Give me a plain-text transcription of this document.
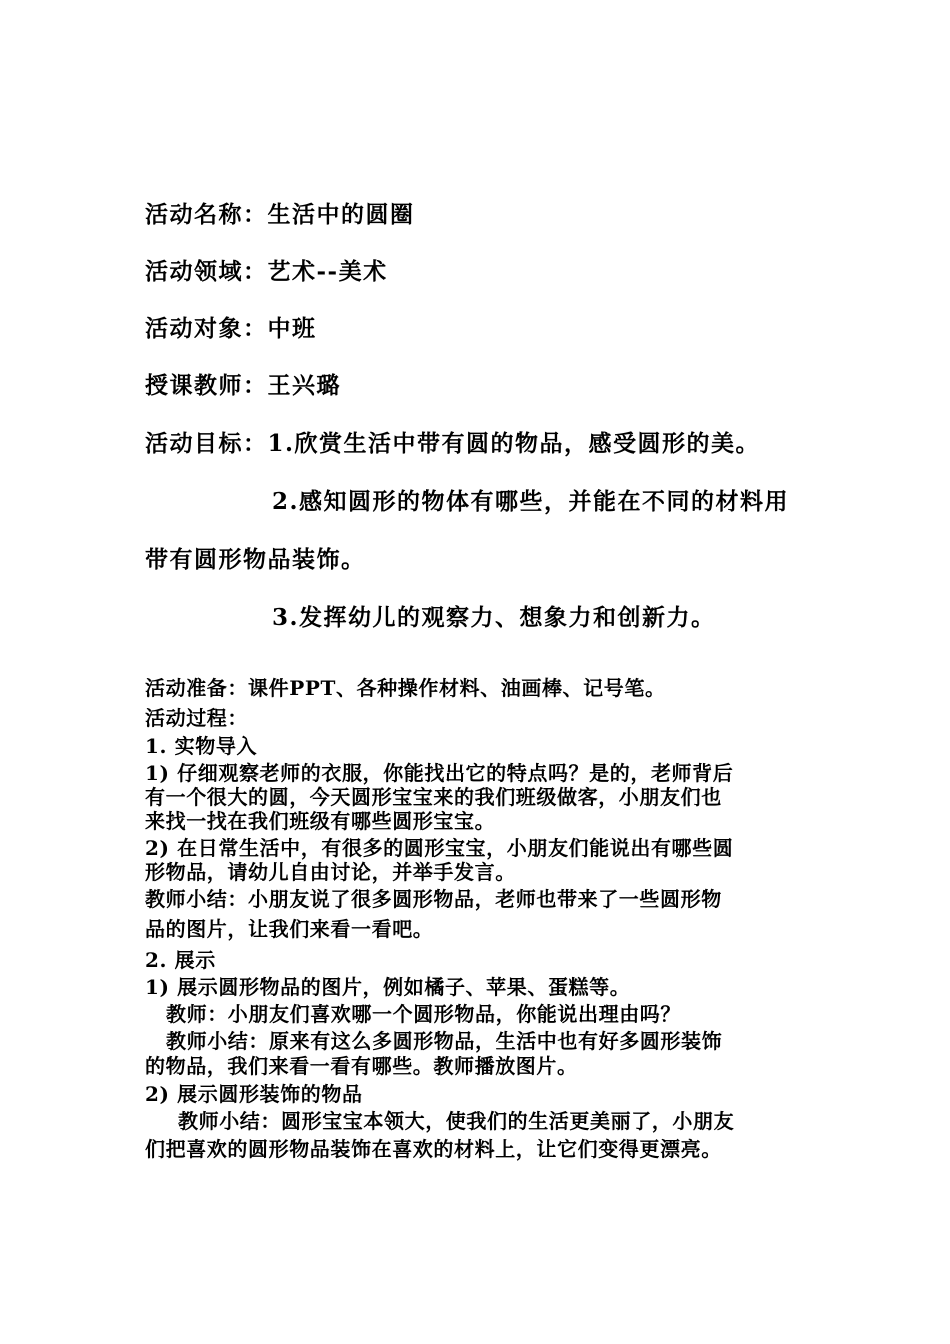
活动名称：生活中的圆圈
活动领域：艺术--美术
活动对象：中班
授课教师：王兴璐
活动目标：1.欣赏生活中带有圆的物品，感受圆形的美。
2.感知圆形的物体有哪些，并能在不同的材料用
带有圆形物品装饰。
3.发挥幼儿的观察力、想象力和创新力。
活动准备：课件PPT、各种操作材料、油画棒、记号笔。
活动过程：
1. 实物导入
1) 仔细观察老师的衣服，你能找出它的特点吗？是的，老师背后
有一个很大的圆，今天圆形宝宝来的我们班级做客，小朋友们也
来找一找在我们班级有哪些圆形宝宝。
2) 在日常生活中，有很多的圆形宝宝，小朋友们能说出有哪些圆
形物品，请幼儿自由讨论，并举手发言。
教师小结：小朋友说了很多圆形物品，老师也带来了一些圆形物
品的图片，让我们来看一看吧。
2. 展示
1) 展示圆形物品的图片，例如橘子、苹果、蛋糕等。
教师：小朋友们喜欢哪一个圆形物品，你能说出理由吗？
教师小结：原来有这么多圆形物品，生活中也有好多圆形装饰
的物品，我们来看一看有哪些。教师播放图片。
2) 展示圆形装饰的物品
教师小结：圆形宝宝本领大，使我们的生活更美丽了，小朋友
们把喜欢的圆形物品装饰在喜欢的材料上，让它们变得更漂亮。
